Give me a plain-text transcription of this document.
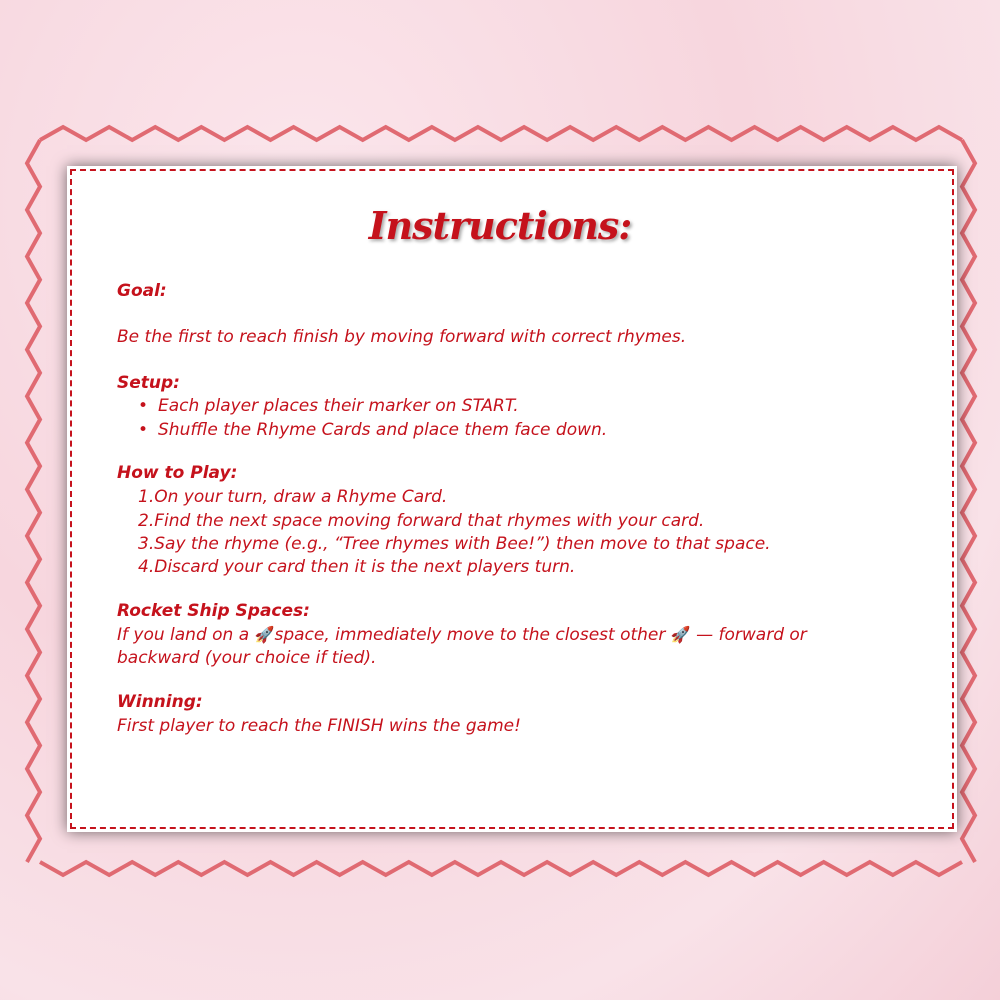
Instructions:

Goal:

Be the first to reach finish by moving forward with correct rhymes.

Setup:

• Each player places their marker on START.

• Shuffle the Rhyme Cards and place them face down.

How to Play:

1.On your turn, draw a Rhyme Card.
2.Find the next space moving forward that rhymes with your card.
3.Say the rhyme (e.g., “Tree rhymes with Bee!”) then move to that space.
4.Discard your card then it is the next players turn.

Rocket Ship Spaces:

If you land on a 🚀space, immediately move to the closest other 🚀 — forward or

backward (your choice if tied).

Winning:

First player to reach the FINISH wins the game!
